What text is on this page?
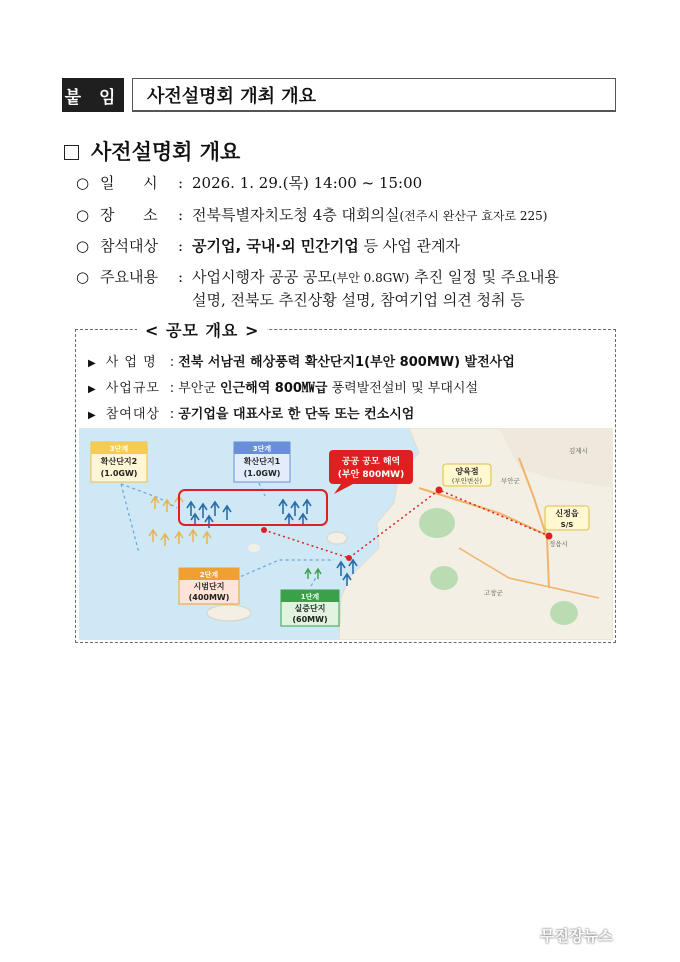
붙 임	사전설명회 개최 개요
사전설명회 개요
○ 일      시 : 2026. 1. 29.(목) 14:00 ~ 15:00
○ 장      소 : 전북특별자치도청 4층 대회의실(전주시 완산구 효자로 225)
○ 참석대상 : 공기업, 국내·외 민간기업 등 사업 관계자
○ 주요내용 : 사업시행자 공공 공모(부안 0.8GW) 추진 일정 및 주요내용
설명, 전북도 추진상황 설명, 참여기업 의견 청취 등
< 공모 개요 >
▶ 사 업 명 : 전북 서남권 해상풍력 확산단지1(부안 800MW) 발전사업
▶ 사업규모 : 부안군 인근해역 800㎿급 풍력발전설비 및 부대시설
▶ 참여대상 : 공기업을 대표사로 한 단독 또는 컨소시엄
공공 공모 해역
(부안 800MW)
3단계
확산단지2
(1.0GW)
3단계
확산단지1
(1.0GW)
2단계
시범단지
(400MW)	1단계
실증단지
(60MW)
양육점
(부안변산)
신정읍
S/S
김제시
부안군
고창군
정읍시
무진장뉴스
